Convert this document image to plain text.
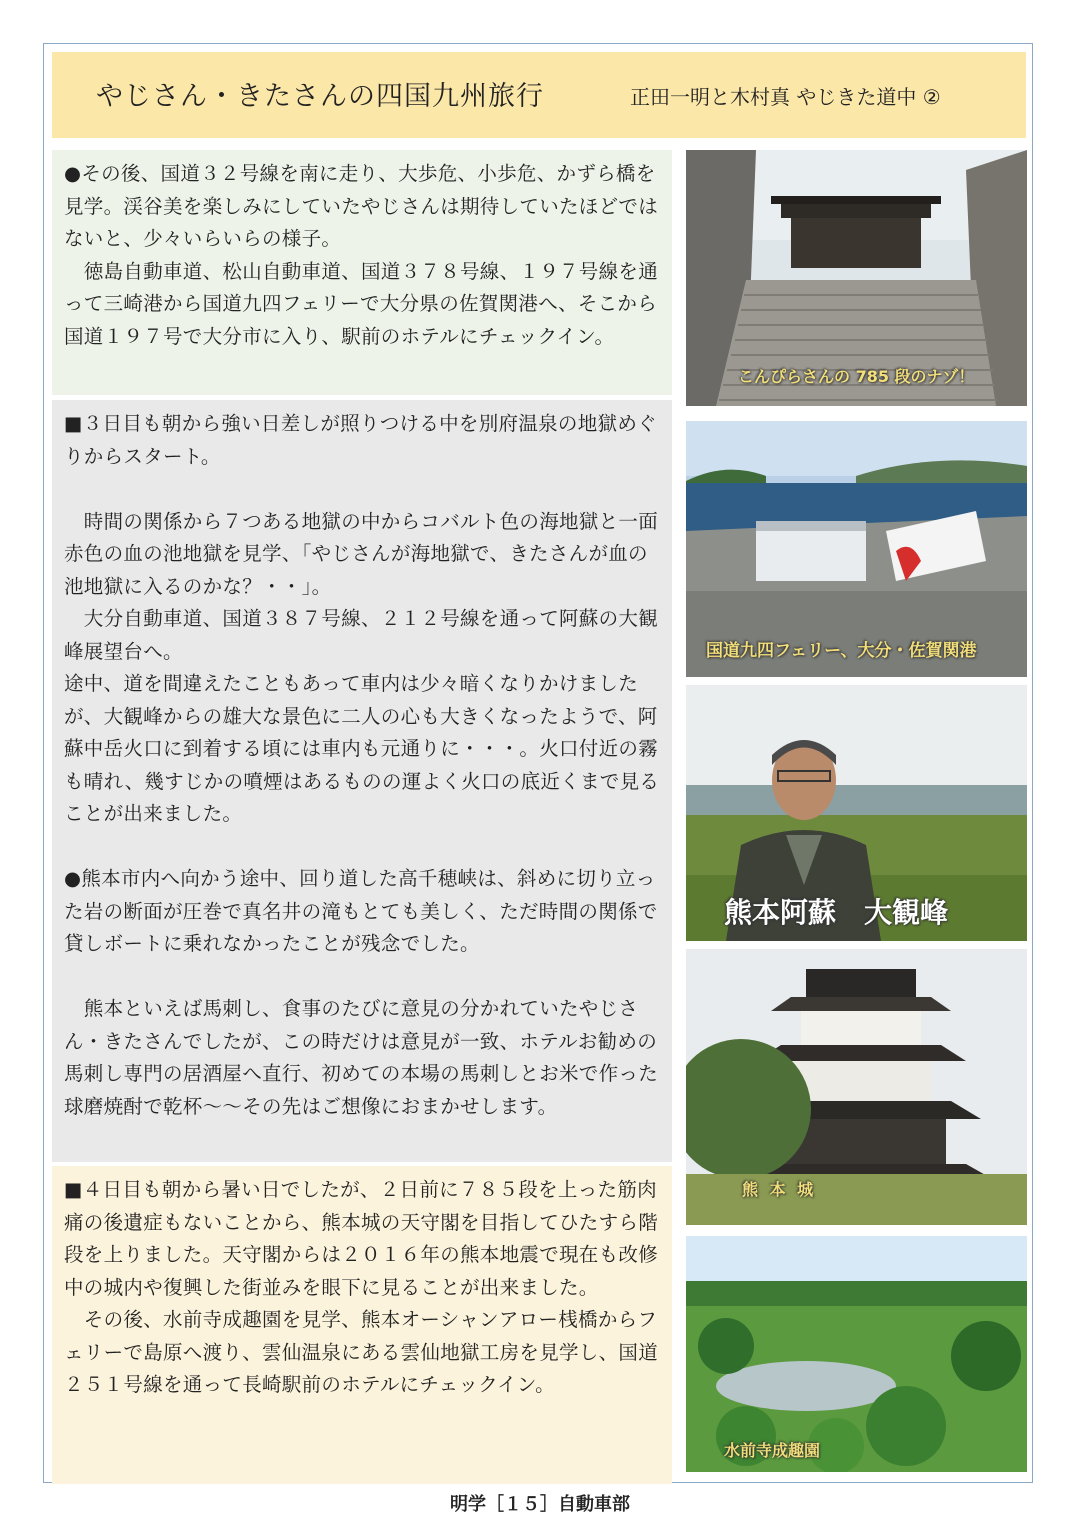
やじさん・きたさんの四国九州旅行	正田一明と木村真 やじきた道中 ②

●その後、国道３２号線を南に走り、大歩危、小歩危、かずら橋を見学。渓谷美を楽しみにしていたやじさんは期待していたほどではないと、少々いらいらの様子。

　徳島自動車道、松山自動車道、国道３７８号線、１９７号線を通って三崎港から国道九四フェリーで大分県の佐賀関港へ、そこから国道１９７号で大分市に入り、駅前のホテルにチェックイン。

■３日目も朝から強い日差しが照りつける中を別府温泉の地獄めぐりからスタート。

　時間の関係から７つある地獄の中からコバルト色の海地獄と一面赤色の血の池地獄を見学、「やじさんが海地獄で、きたさんが血の池地獄に入るのかな？・・」。

　大分自動車道、国道３８７号線、２１２号線を通って阿蘇の大観峰展望台へ。

途中、道を間違えたこともあって車内は少々暗くなりかけましたが、大観峰からの雄大な景色に二人の心も大きくなったようで、阿蘇中岳火口に到着する頃には車内も元通りに・・・。火口付近の霧も晴れ、幾すじかの噴煙はあるものの運よく火口の底近くまで見ることが出来ました。

●熊本市内へ向かう途中、回り道した高千穂峡は、斜めに切り立った岩の断面が圧巻で真名井の滝もとても美しく、ただ時間の関係で貸しボートに乗れなかったことが残念でした。

　熊本といえば馬刺し、食事のたびに意見の分かれていたやじさん・きたさんでしたが、この時だけは意見が一致、ホテルお勧めの馬刺し専門の居酒屋へ直行、初めての本場の馬刺しとお米で作った球磨焼酎で乾杯～～その先はご想像におまかせします。

■４日目も朝から暑い日でしたが、２日前に７８５段を上った筋肉痛の後遺症もないことから、熊本城の天守閣を目指してひたすら階段を上りました。天守閣からは２０１６年の熊本地震で現在も改修中の城内や復興した街並みを眼下に見ることが出来ました。

　その後、水前寺成趣園を見学、熊本オーシャンアロー桟橋からフェリーで島原へ渡り、雲仙温泉にある雲仙地獄工房を見学し、国道２５１号線を通って長崎駅前のホテルにチェックイン。

こんぴらさんの 785 段のナゾ！
国道九四フェリー、大分・佐賀関港
熊本阿蘇　大観峰
熊 本 城
水前寺成趣園
明学［１５］自動車部
